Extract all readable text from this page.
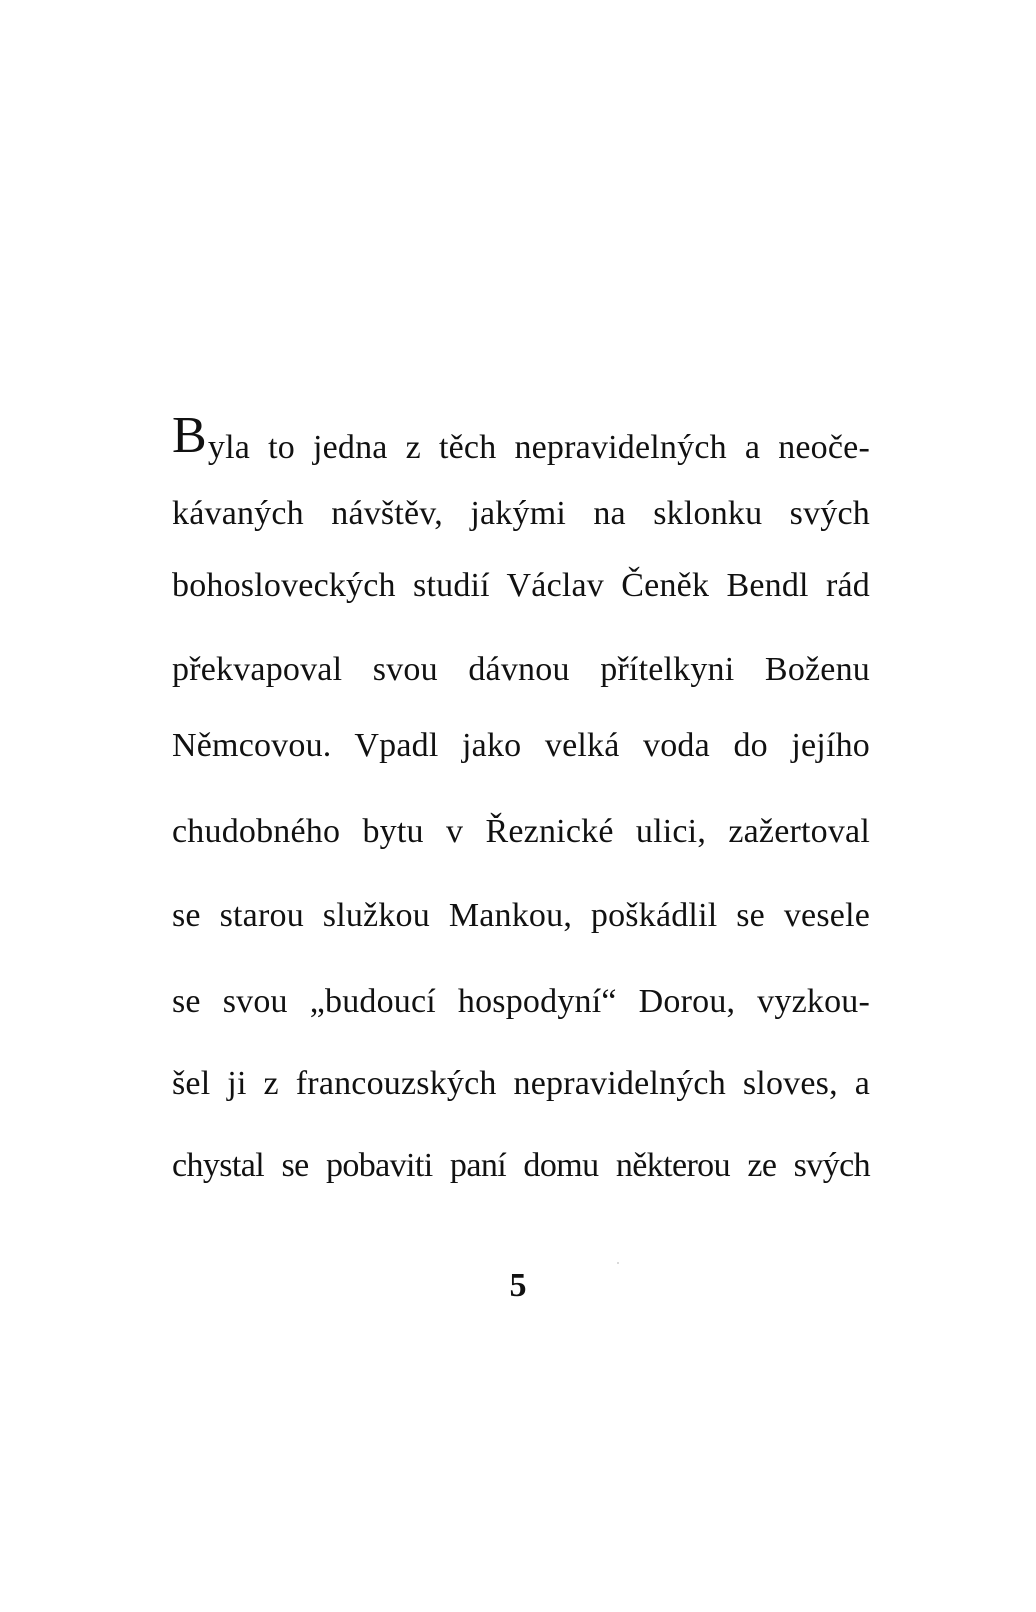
B yla to jedna z těch nepravidelných a neoče-
kávaných návštěv, jakými na sklonku svých
bohosloveckých studií Václav Čeněk Bendl rád
překvapoval svou dávnou přítelkyni Boženu
Němcovou. Vpadl jako velká voda do jejího
chudobného bytu v Řeznické ulici, zažertoval
se starou služkou Mankou, poškádlil se vesele
se svou „budoucí hospodyní“ Dorou, vyzkou-
šel ji z francouzských nepravidelných sloves, a
chystal se pobaviti paní domu některou ze svých
5
